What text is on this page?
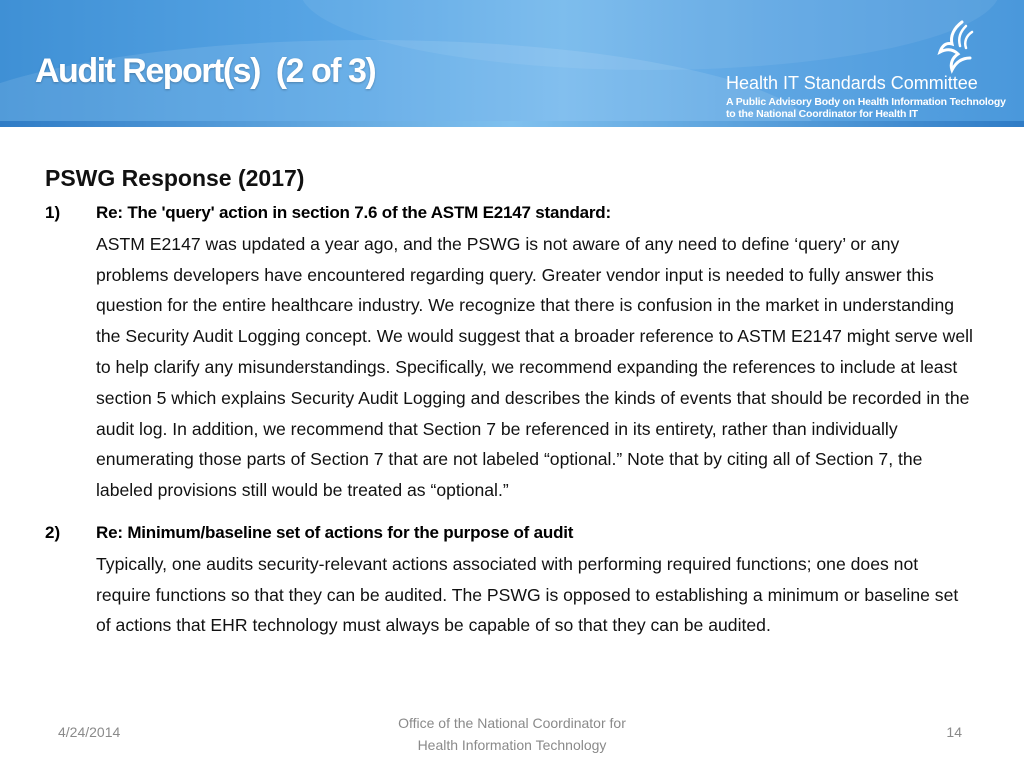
Audit Report(s)  (2 of 3)	Health IT Standards Committee
A Public Advisory Body on Health Information Technology
to the National Coordinator for Health IT
PSWG Response (2017)
1) Re: The 'query' action in section 7.6 of the ASTM E2147 standard:

ASTM E2147 was updated a year ago, and the PSWG is not aware of any need to define ‘query’ or any problems developers have encountered regarding query. Greater vendor input is needed to fully answer this question for the entire healthcare industry. We recognize that there is confusion in the market in understanding the Security Audit Logging concept. We would suggest that a broader reference to ASTM E2147 might serve well to help clarify any misunderstandings. Specifically, we recommend expanding the references to include at least section 5 which explains Security Audit Logging and describes the kinds of events that should be recorded in the audit log. In addition, we recommend that Section 7 be referenced in its entirety, rather than individually enumerating those parts of Section 7 that are not labeled “optional.” Note that by citing all of Section 7, the labeled provisions still would be treated as “optional.”

2) Re: Minimum/baseline set of actions for the purpose of audit

Typically, one audits security-relevant actions associated with performing required functions; one does not require functions so that they can be audited. The PSWG is opposed to establishing a minimum or baseline set of actions that EHR technology must always be capable of so that they can be audited.

4/24/2014
Office of the National Coordinator for
Health Information Technology
14
